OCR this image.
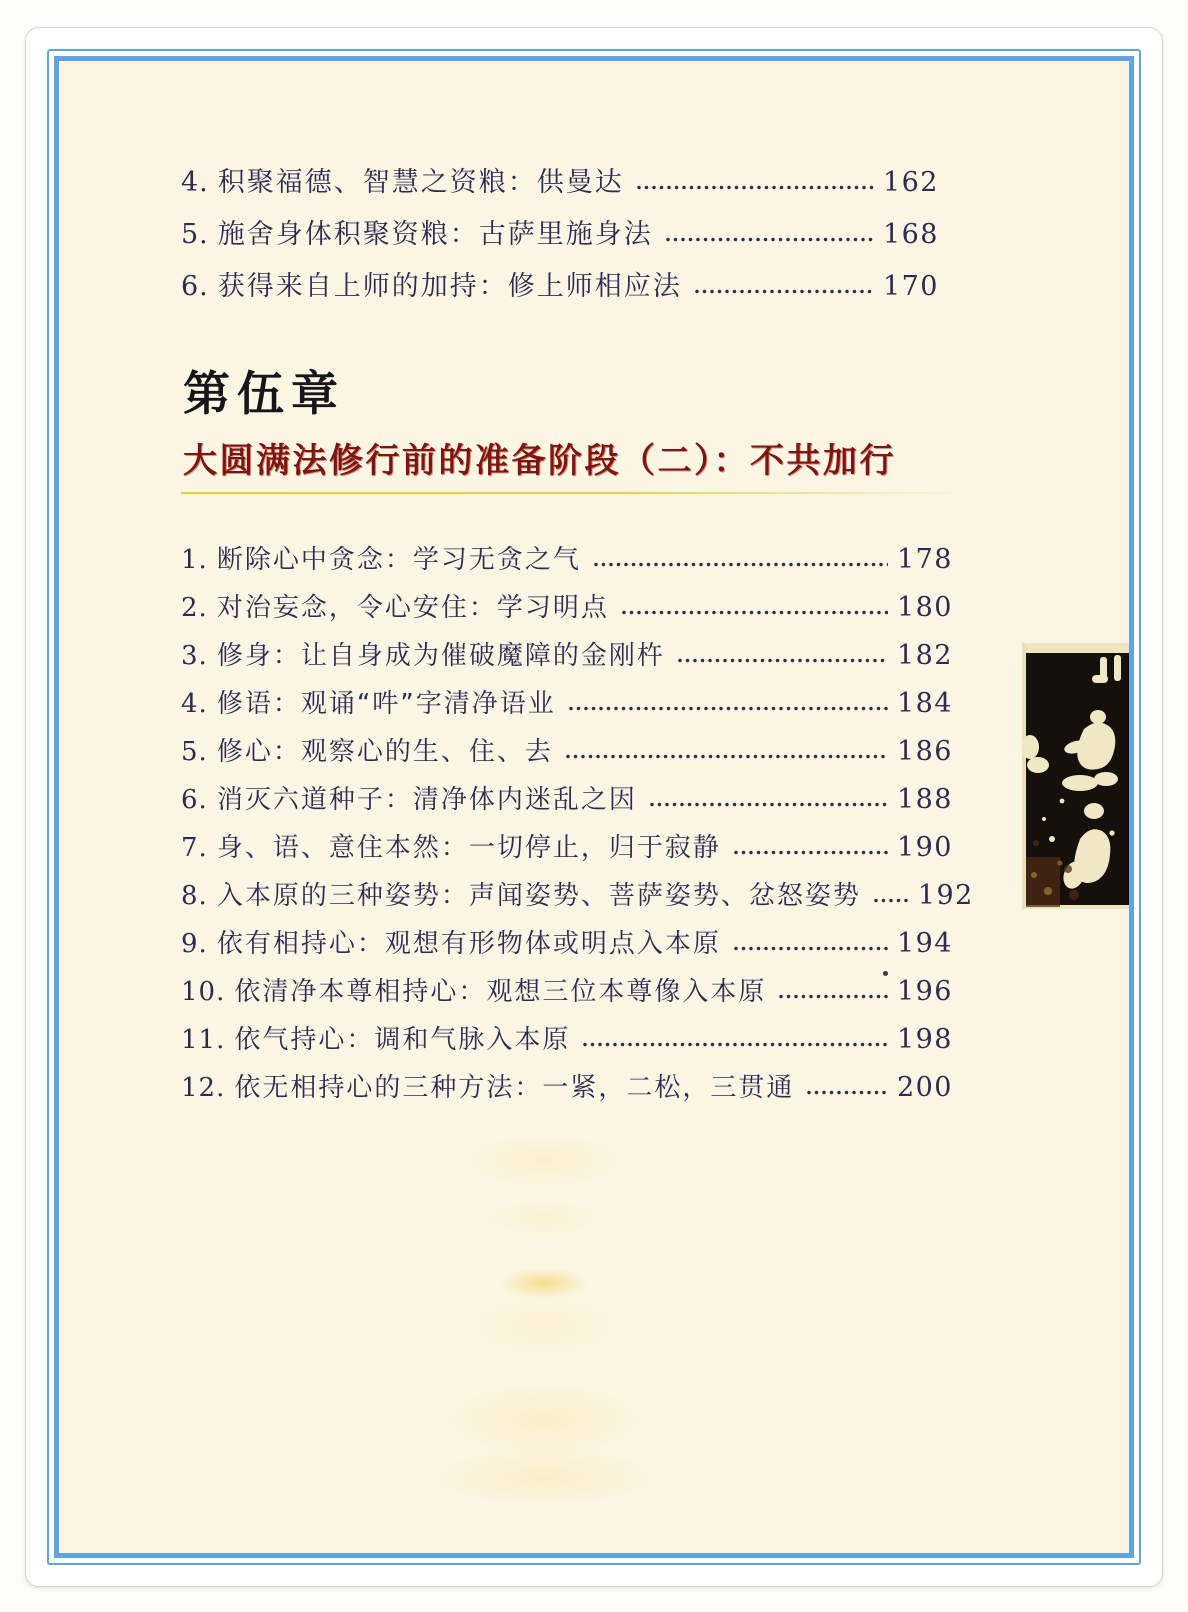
4. 积聚福德、智慧之资粮：供曼达	162
5. 施舍身体积聚资粮：古萨里施身法	168
6. 获得来自上师的加持：修上师相应法	170
第伍章
大圆满法修行前的准备阶段（二）：不共加行
1. 断除心中贪念：学习无贪之气	178
2. 对治妄念，令心安住：学习明点	180
3. 修身：让自身成为催破魔障的金刚杵	182
4. 修语：观诵“吽”字清净语业	184
5. 修心：观察心的生、住、去	186
6. 消灭六道种子：清净体内迷乱之因	188
7. 身、语、意住本然：一切停止，归于寂静	190
8. 入本原的三种姿势：声闻姿势、菩萨姿势、忿怒姿势 192
9. 依有相持心：观想有形物体或明点入本原	194
10. 依清净本尊相持心：观想三位本尊像入本原	196
11. 依气持心：调和气脉入本原	198
12. 依无相持心的三种方法：一紧，二松，三贯通	200
